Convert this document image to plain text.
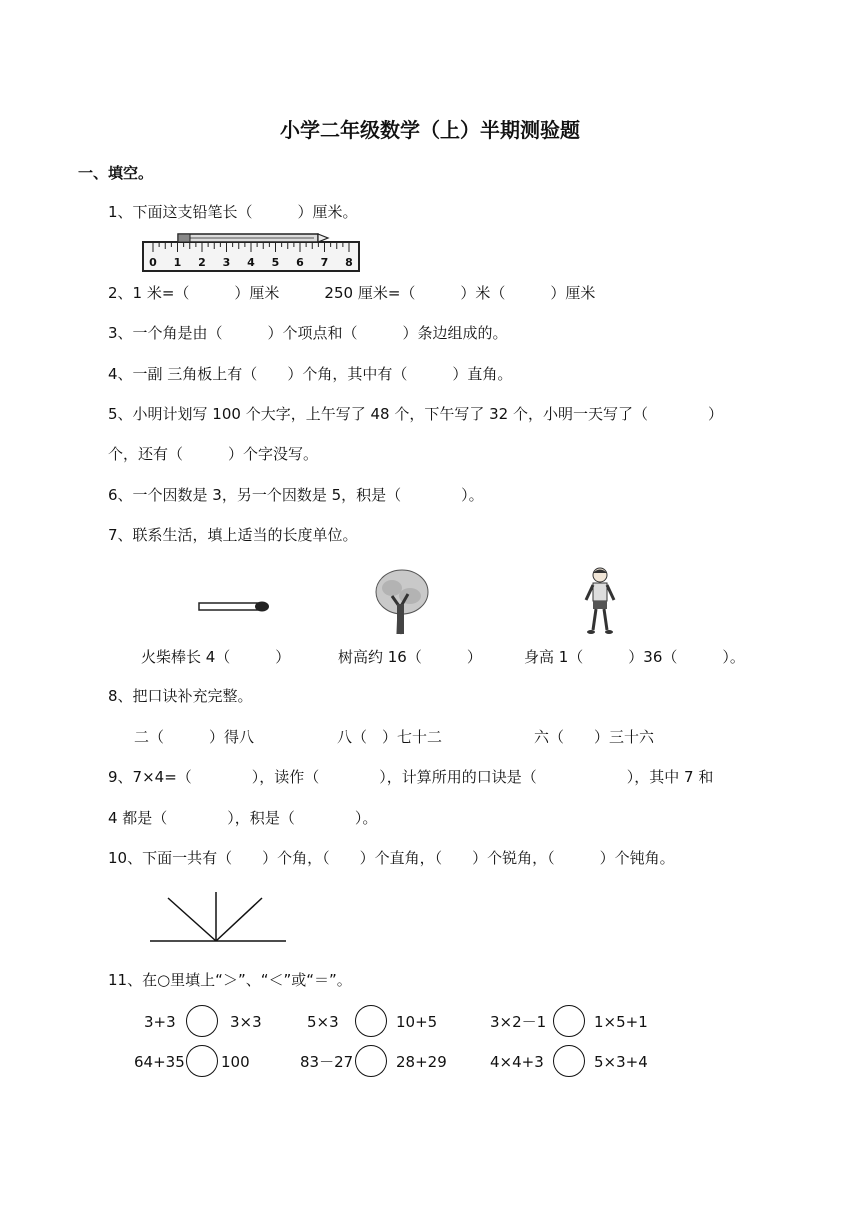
小学二年级数学（上）半期测验题
一、填空。
1、下面这支铅笔长（　　　）厘米。
0 1 2 3 4 5 6 7 8
2、1 米=（　　　）厘米　　　250 厘米=（　　　）米（　　　）厘米
3、一个角是由（　　　）个项点和（　　　）条边组成的。
4、一副 三角板上有（　　）个角，其中有（　　　）直角。
5、小明计划写 100 个大字，上午写了 48 个，下午写了 32 个，小明一天写了（　　　　）
个，还有（　　　）个字没写。
6、一个因数是 3，另一个因数是 5，积是（　　　　）。
7、联系生活，填上适当的长度单位。
火柴棒长 4（　　　）	树高约 16（　　　）	身高 1（　　　）36（　　　）。
8、把口诀补充完整。
二（　　　）得八	八（　）七十二	六（　　）三十六
9、7×4=（　　　　），读作（　　　　），计算所用的口诀是（　　　　　　），其中 7 和
4 都是（　　　　），积是（　　　　）。
10、下面一共有（　　）个角，（　　）个直角，（　　）个锐角，（　　　）个钝角。
11、在○里填上“＞”、“＜”或“＝”。
3+3	3×3	5×3	10+5	3×2－1	1×5+1
64+35 100	83－27	28+29	4×4+3	5×3+4
